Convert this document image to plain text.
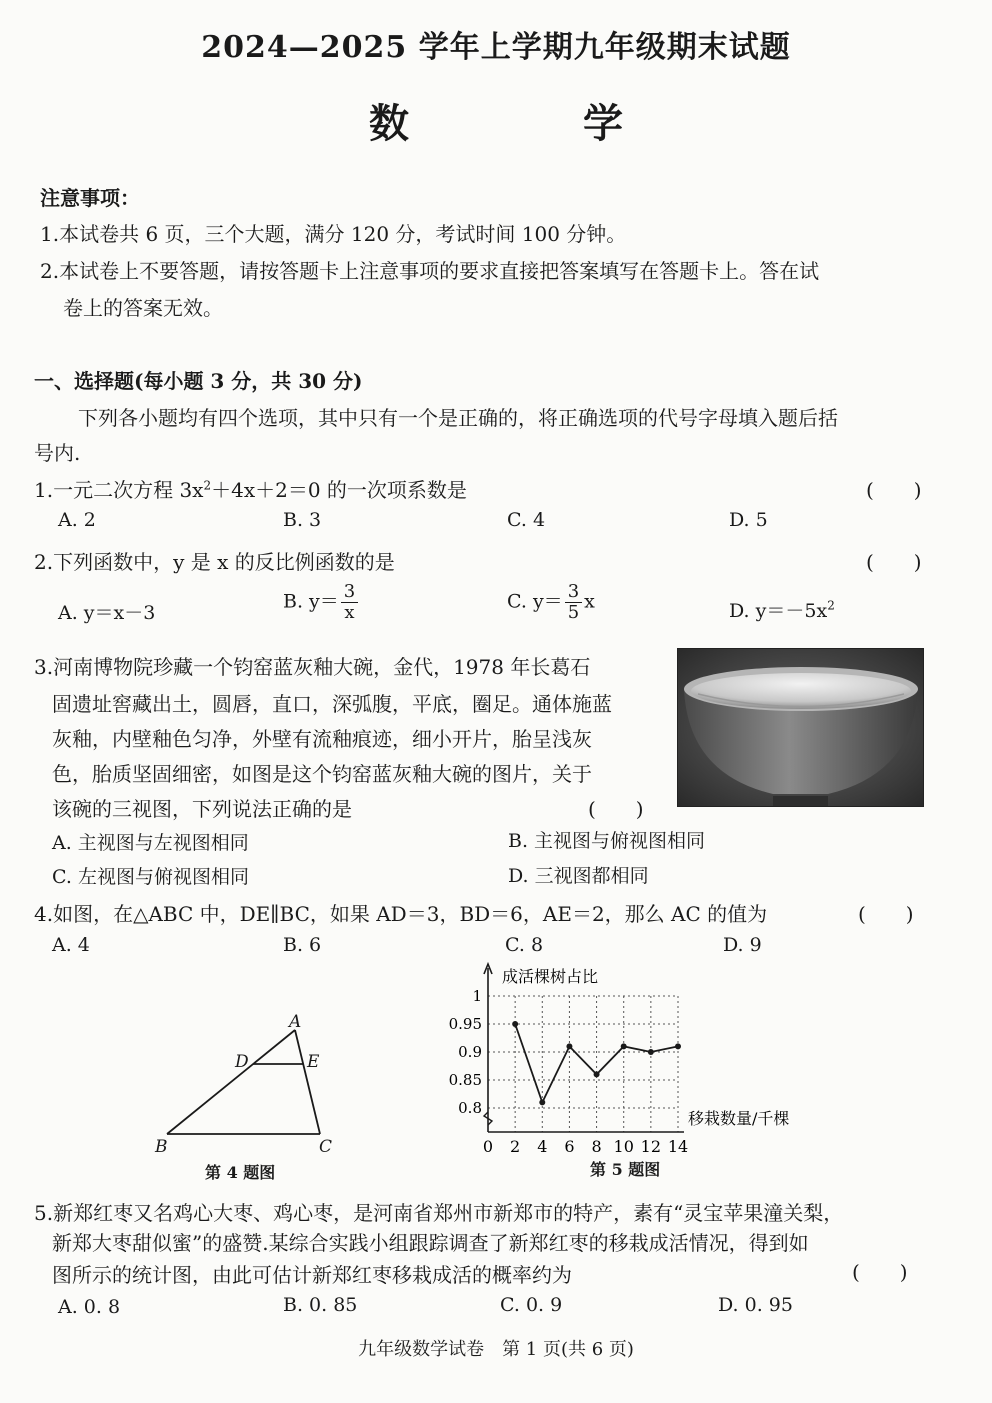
2024—2025 学年上学期九年级期末试题
数 学
注意事项：
1.本试卷共 6 页，三个大题，满分 120 分，考试时间 100 分钟。
2.本试卷上不要答题，请按答题卡上注意事项的要求直接把答案填写在答题卡上。答在试
卷上的答案无效。
一、选择题(每小题 3 分，共 30 分)
下列各小题均有四个选项，其中只有一个是正确的，将正确选项的代号字母填入题后括
号内.
1.一元二次方程 $3x^2+4x+2=0$ 的一次项系数是	(　　)
A. 2	B. 3	C. 4	D. 5
2.下列函数中，y 是 x 的反比例函数的是	(　　)
A. y＝x－3
B. $y= \frac{3}{x}$	C. $y= \frac{3}{5}$ x	D. $y=-5x^2$
3.河南博物院珍藏一个钧窑蓝灰釉大碗，金代，1978 年长葛石
固遗址窖藏出土，圆唇，直口，深弧腹，平底，圈足。通体施蓝
灰釉，内壁釉色匀净，外壁有流釉痕迹，细小开片，胎呈浅灰
色，胎质坚固细密，如图是这个钧窑蓝灰釉大碗的图片，关于
该碗的三视图，下列说法正确的是	(　　)
A. 主视图与左视图相同	B. 主视图与俯视图相同
C. 左视图与俯视图相同	D. 三视图都相同
4.如图，在△ABC 中，DE∥BC，如果 AD＝3，BD＝6，AE＝2，那么 AC 的值为	(　　)
A. 4	B. 6	C. 8	D. 9
A
D	E
B	C
第 4 题图
0 2 4 6 8 10 12 14
0.8
0.85
0.9
0.95
1
成活棵树占比
移栽数量/千棵
第 5 题图
5.新郑红枣又名鸡心大枣、鸡心枣，是河南省郑州市新郑市的特产，素有“灵宝苹果潼关梨，
新郑大枣甜似蜜”的盛赞.某综合实践小组跟踪调查了新郑红枣的移栽成活情况，得到如
图所示的统计图，由此可估计新郑红枣移栽成活的概率约为	(　　)
A. 0. 8	B. 0. 85	C. 0. 9	D. 0. 95
九年级数学试卷　第 1 页(共 6 页)
